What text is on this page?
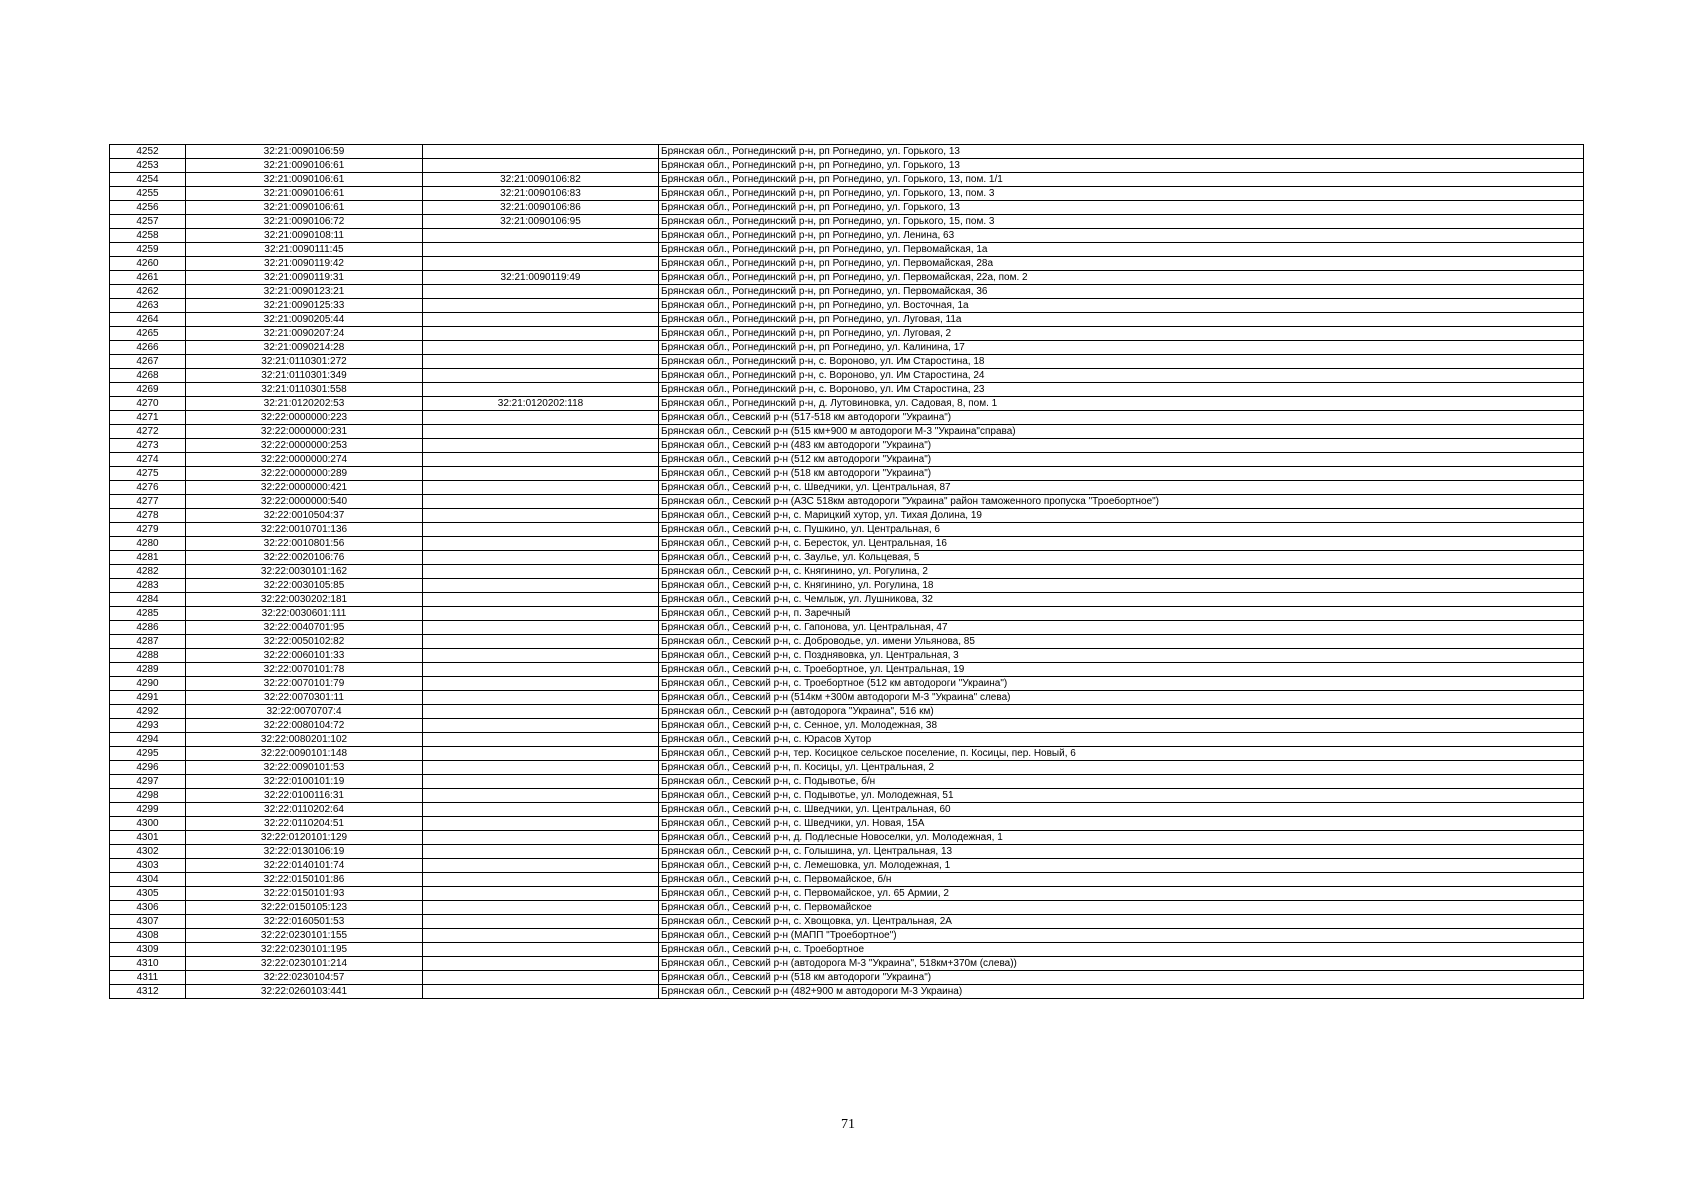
4252	32:21:0090106:59		Брянская обл., Рогнединский р-н, рп Рогнедино, ул. Горького, 13
4253	32:21:0090106:61		Брянская обл., Рогнединский р-н, рп Рогнедино, ул. Горького, 13
4254	32:21:0090106:61	32:21:0090106:82	Брянская обл., Рогнединский р-н, рп Рогнедино, ул. Горького, 13, пом. 1/1
4255	32:21:0090106:61	32:21:0090106:83	Брянская обл., Рогнединский р-н, рп Рогнедино, ул. Горького, 13, пом. 3
4256	32:21:0090106:61	32:21:0090106:86	Брянская обл., Рогнединский р-н, рп Рогнедино, ул. Горького, 13
4257	32:21:0090106:72	32:21:0090106:95	Брянская обл., Рогнединский р-н, рп Рогнедино, ул. Горького, 15, пом. 3
4258	32:21:0090108:11		Брянская обл., Рогнединский р-н, рп Рогнедино, ул. Ленина, 63
4259	32:21:0090111:45		Брянская обл., Рогнединский р-н, рп Рогнедино, ул. Первомайская, 1а
4260	32:21:0090119:42		Брянская обл., Рогнединский р-н, рп Рогнедино, ул. Первомайская, 28а
4261	32:21:0090119:31	32:21:0090119:49	Брянская обл., Рогнединский р-н, рп Рогнедино, ул. Первомайская, 22а, пом. 2
4262	32:21:0090123:21		Брянская обл., Рогнединский р-н, рп Рогнедино, ул. Первомайская, 36
4263	32:21:0090125:33		Брянская обл., Рогнединский р-н, рп Рогнедино, ул. Восточная, 1а
4264	32:21:0090205:44		Брянская обл., Рогнединский р-н, рп Рогнедино, ул. Луговая, 11а
4265	32:21:0090207:24		Брянская обл., Рогнединский р-н, рп Рогнедино, ул. Луговая, 2
4266	32:21:0090214:28		Брянская обл., Рогнединский р-н, рп Рогнедино, ул. Калинина, 17
4267	32:21:0110301:272		Брянская обл., Рогнединский р-н, с. Вороново, ул. Им Старостина, 18
4268	32:21:0110301:349		Брянская обл., Рогнединский р-н, с. Вороново, ул. Им Старостина, 24
4269	32:21:0110301:558		Брянская обл., Рогнединский р-н, с. Вороново, ул. Им Старостина, 23
4270	32:21:0120202:53	32:21:0120202:118	Брянская обл., Рогнединский р-н, д. Лутовиновка, ул. Садовая, 8, пом. 1
4271	32:22:0000000:223		Брянская обл., Севский р-н (517-518 км автодороги "Украина")
4272	32:22:0000000:231		Брянская обл., Севский р-н (515 км+900 м автодороги М-3 "Украина"справа)
4273	32:22:0000000:253		Брянская обл., Севский р-н (483 км автодороги "Украина")
4274	32:22:0000000:274		Брянская обл., Севский р-н (512 км автодороги "Украина")
4275	32:22:0000000:289		Брянская обл., Севский р-н (518 км автодороги "Украина")
4276	32:22:0000000:421		Брянская обл., Севский р-н, с. Шведчики, ул. Центральная, 87
4277	32:22:0000000:540		Брянская обл., Севский р-н (АЗС 518км автодороги "Украина" район таможенного пропуска "Троебортное")
4278	32:22:0010504:37		Брянская обл., Севский р-н, с. Марицкий хутор, ул. Тихая Долина, 19
4279	32:22:0010701:136		Брянская обл., Севский р-н, с. Пушкино, ул. Центральная, 6
4280	32:22:0010801:56		Брянская обл., Севский р-н, с. Бересток, ул. Центральная, 16
4281	32:22:0020106:76		Брянская обл., Севский р-н, с. Заулье, ул. Кольцевая, 5
4282	32:22:0030101:162		Брянская обл., Севский р-н, с. Княгинино, ул. Рогулина, 2
4283	32:22:0030105:85		Брянская обл., Севский р-н, с. Княгинино, ул. Рогулина, 18
4284	32:22:0030202:181		Брянская обл., Севский р-н, с. Чемлыж, ул. Лушникова, 32
4285	32:22:0030601:111		Брянская обл., Севский р-н, п. Заречный
4286	32:22:0040701:95		Брянская обл., Севский р-н, с. Гапонова, ул. Центральная, 47
4287	32:22:0050102:82		Брянская обл., Севский р-н, с. Доброводье, ул. имени Ульянова, 85
4288	32:22:0060101:33		Брянская обл., Севский р-н, с. Позднявовка, ул. Центральная, 3
4289	32:22:0070101:78		Брянская обл., Севский р-н, с. Троебортное, ул. Центральная, 19
4290	32:22:0070101:79		Брянская обл., Севский р-н, с. Троебортное (512 км автодороги "Украина")
4291	32:22:0070301:11		Брянская обл., Севский р-н (514км +300м автодороги М-3 "Украина" слева)
4292	32:22:0070707:4		Брянская обл., Севский р-н (автодорога "Украина", 516 км)
4293	32:22:0080104:72		Брянская обл., Севский р-н, с. Сенное, ул. Молодежная, 38
4294	32:22:0080201:102		Брянская обл., Севский р-н, с. Юрасов Хутор
4295	32:22:0090101:148		Брянская обл., Севский р-н, тер. Косицкое сельское поселение, п. Косицы, пер. Новый, 6
4296	32:22:0090101:53		Брянская обл., Севский р-н, п. Косицы, ул. Центральная, 2
4297	32:22:0100101:19		Брянская обл., Севский р-н, с. Подывотье, б/н
4298	32:22:0100116:31		Брянская обл., Севский р-н, с. Подывотье, ул. Молодежная, 51
4299	32:22:0110202:64		Брянская обл., Севский р-н, с. Шведчики, ул. Центральная, 60
4300	32:22:0110204:51		Брянская обл., Севский р-н, с. Шведчики, ул. Новая, 15А
4301	32:22:0120101:129		Брянская обл., Севский р-н, д. Подлесные Новоселки, ул. Молодежная, 1
4302	32:22:0130106:19		Брянская обл., Севский р-н, с. Голышина, ул. Центральная, 13
4303	32:22:0140101:74		Брянская обл., Севский р-н, с. Лемешовка, ул. Молодежная, 1
4304	32:22:0150101:86		Брянская обл., Севский р-н, с. Первомайское, б/н
4305	32:22:0150101:93		Брянская обл., Севский р-н, с. Первомайское, ул. 65 Армии, 2
4306	32:22:0150105:123		Брянская обл., Севский р-н, с. Первомайское
4307	32:22:0160501:53		Брянская обл., Севский р-н, с. Хвощовка, ул. Центральная, 2А
4308	32:22:0230101:155		Брянская обл., Севский р-н (МАПП "Троебортное")
4309	32:22:0230101:195		Брянская обл., Севский р-н, с. Троебортное
4310	32:22:0230101:214		Брянская обл., Севский р-н (автодорога М-3 "Украина", 518км+370м (слева))
4311	32:22:0230104:57		Брянская обл., Севский р-н (518 км автодороги "Украина")
4312	32:22:0260103:441		Брянская обл., Севский р-н (482+900 м автодороги М-3 Украина)
71
